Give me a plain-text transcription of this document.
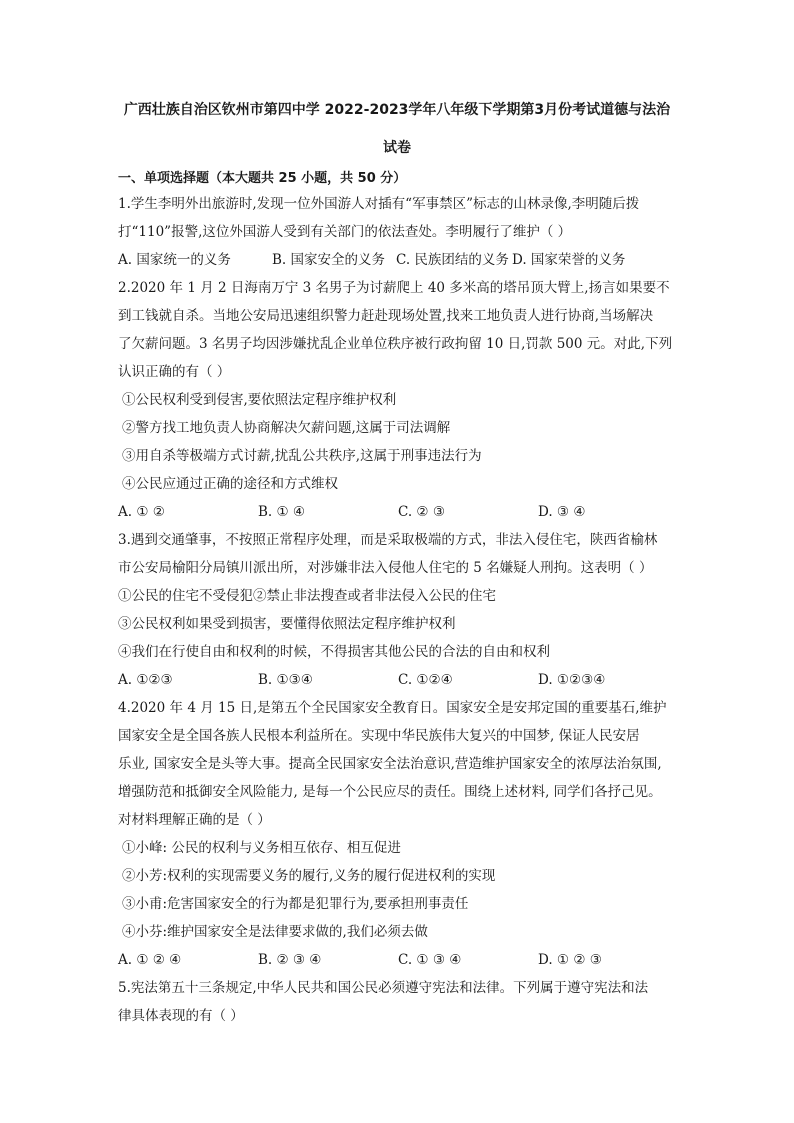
广西壮族自治区钦州市第四中学 2022-2023学年八年级下学期第3月份考试道德与法治
试卷
一、单项选择题（本大题共 25 小题，共 50 分）

1.学生李明外出旅游时,发现一位外国游人对插有“军事禁区”标志的山林录像,李明随后拨

打“110”报警,这位外国游人受到有关部门的依法查处。李明履行了维护（ ）

A. 国家统一的义务	B. 国家安全的义务 C. 民族团结的义务 D. 国家荣誉的义务

2.2020 年 1 月 2 日海南万宁 3 名男子为讨薪爬上 40 多米高的塔吊顶大臂上,扬言如果要不

到工钱就自杀。当地公安局迅速组织警力赶赴现场处置,找来工地负责人进行协商,当场解决

了欠薪问题。3 名男子均因涉嫌扰乱企业单位秩序被行政拘留 10 日,罚款 500 元。对此,下列

认识正确的有（ ）

①公民权利受到侵害,要依照法定程序维护权利

②警方找工地负责人协商解决欠薪问题,这属于司法调解

③用自杀等极端方式讨薪,扰乱公共秩序,这属于刑事违法行为

④公民应通过正确的途径和方式维权

A. ① ②	B. ① ④	C. ② ③	D. ③ ④

3.遇到交通肇事，不按照正常程序处理，而是采取极端的方式，非法入侵住宅，陕西省榆林

市公安局榆阳分局镇川派出所，对涉嫌非法入侵他人住宅的 5 名嫌疑人刑拘。这表明（ ）

①公民的住宅不受侵犯②禁止非法搜查或者非法侵入公民的住宅

③公民权利如果受到损害，要懂得依照法定程序维护权利

④我们在行使自由和权利的时候，不得损害其他公民的合法的自由和权利

A. ①②③	B. ①③④	C. ①②④	D. ①②③④

4.2020 年 4 月 15 日,是第五个全民国家安全教育日。国家安全是安邦定国的重要基石,维护

国家安全是全国各族人民根本利益所在。实现中华民族伟大复兴的中国梦, 保证人民安居

乐业, 国家安全是头等大事。提高全民国家安全法治意识,营造维护国家安全的浓厚法治氛围,

增强防范和抵御安全风险能力, 是每一个公民应尽的责任。围绕上述材料, 同学们各抒己见。

对材料理解正确的是（ ）

①小峰: 公民的权利与义务相互依存、相互促进

②小芳:权利的实现需要义务的履行,义务的履行促进权利的实现

③小甫:危害国家安全的行为都是犯罪行为,要承担刑事责任

④小芬:维护国家安全是法律要求做的,我们必须去做

A. ① ② ④	B. ② ③ ④	C. ① ③ ④	D. ① ② ③

5.宪法第五十三条规定,中华人民共和国公民必须遵守宪法和法律。下列属于遵守宪法和法

律具体表现的有（ ）
